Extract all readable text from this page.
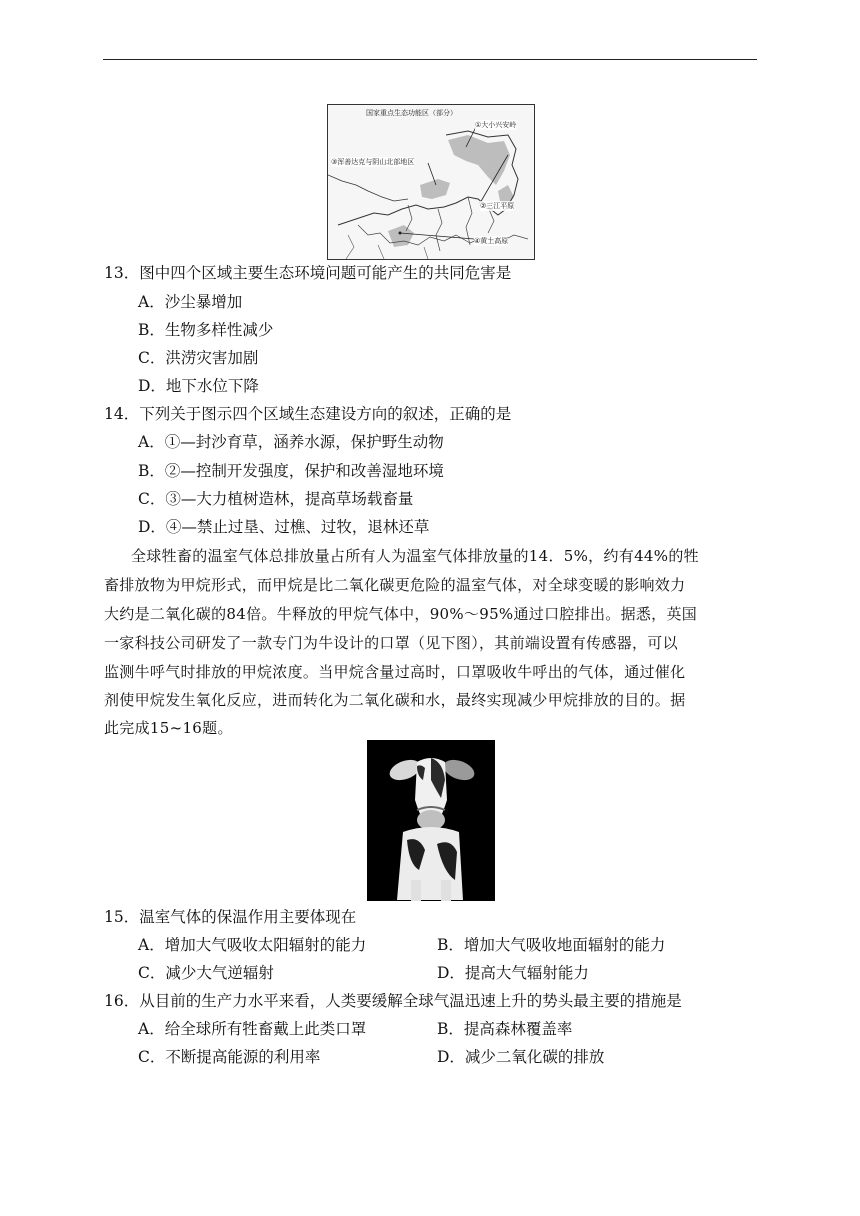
国家重点生态功能区（部分）
①大小兴安岭
②三江平原
③浑善达克与阴山北部地区
④黄土高原
13．图中四个区域主要生态环境问题可能产生的共同危害是
A．沙尘暴增加
B．生物多样性减少
C．洪涝灾害加剧
D．地下水位下降
14．下列关于图示四个区域生态建设方向的叙述，正确的是
A．①—封沙育草，涵养水源，保护野生动物
B．②—控制开发强度，保护和改善湿地环境
C．③—大力植树造林，提高草场载畜量
D．④—禁止过垦、过樵、过牧，退林还草
全球牲畜的温室气体总排放量占所有人为温室气体排放量的14．5%，约有44%的牲
畜排放物为甲烷形式，而甲烷是比二氧化碳更危险的温室气体，对全球变暖的影响效力
大约是二氧化碳的84倍。牛释放的甲烷气体中，90%～95%通过口腔排出。据悉，英国
一家科技公司研发了一款专门为牛设计的口罩（见下图），其前端设置有传感器，可以
监测牛呼气时排放的甲烷浓度。当甲烷含量过高时，口罩吸收牛呼出的气体，通过催化
剂使甲烷发生氧化反应，进而转化为二氧化碳和水，最终实现减少甲烷排放的目的。据
此完成15~16题。
15．温室气体的保温作用主要体现在
A．增加大气吸收太阳辐射的能力	B．增加大气吸收地面辐射的能力
C．减少大气逆辐射	D．提高大气辐射能力
16．从目前的生产力水平来看，人类要缓解全球气温迅速上升的势头最主要的措施是
A．给全球所有牲畜戴上此类口罩	B．提高森林覆盖率
C．不断提高能源的利用率	D．减少二氧化碳的排放
